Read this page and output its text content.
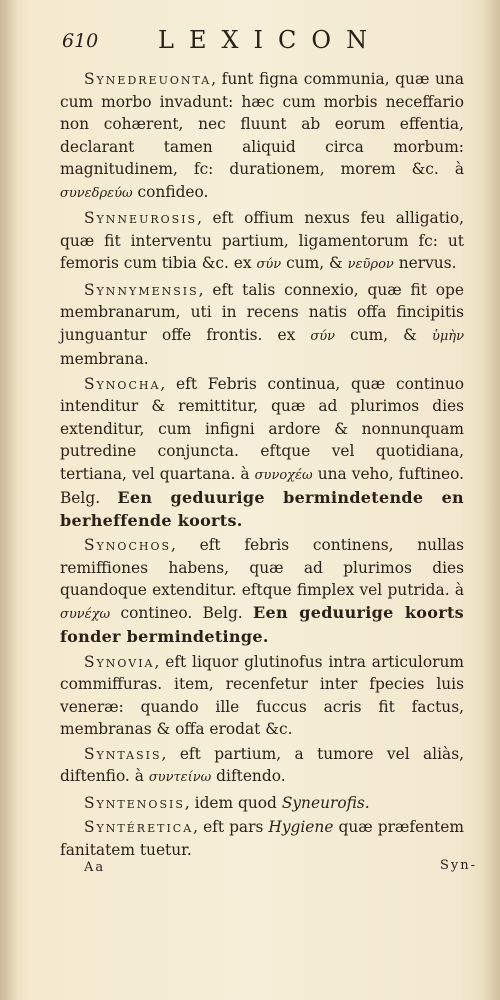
610 LEXICON

Synedreuonta, funt figna communia, quæ una cum morbo invadunt: hæc cum morbis neceffario non cohærent, nec fluunt ab eorum effentia, declarant tamen aliquid circa morbum: magnitudinem, fc: durationem, morem &c. à συνεδρεύω confideo.

Synneurosis, eft offium nexus feu alligatio, quæ fit interventu partium, ligamentorum fc: ut femoris cum tibia &c. ex σύν cum, & νεῦρον nervus.

Synnymensis, eft talis connexio, quæ fit ope membranarum, uti in recens natis offa fincipitis junguantur offe frontis. ex σύν cum, & ὑμὴν membrana.

Synocha, eft Febris continua, quæ continuo intenditur & remittitur, quæ ad plurimos dies extenditur, cum infigni ardore & nonnunquam putredine conjuncta. eftque vel quotidiana, tertiana, vel quartana. à συνοχέω una veho, fuftineo. Belg. Een geduurige bermindetende en berheffende koorts.

Synochos, eft febris continens, nullas remiffiones habens, quæ ad plurimos dies quandoque extenditur. eftque fimplex vel putrida. à συνέχω contineo. Belg. Een geduurige koorts fonder bermindetinge.

Synovia, eft liquor glutinofus intra articulorum commiffuras. item, recenfetur inter fpecies luis veneræ: quando ille fuccus acris fit factus, membranas & offa erodat &c.

Syntasis, eft partium, a tumore vel aliàs, diftenfio. à συντείνω diftendo.

Syntenosis, idem quod Syneurofis.

Syntéretica, eft pars Hygiene quæ præfentem fanitatem tuetur.

Aa	Syn-
